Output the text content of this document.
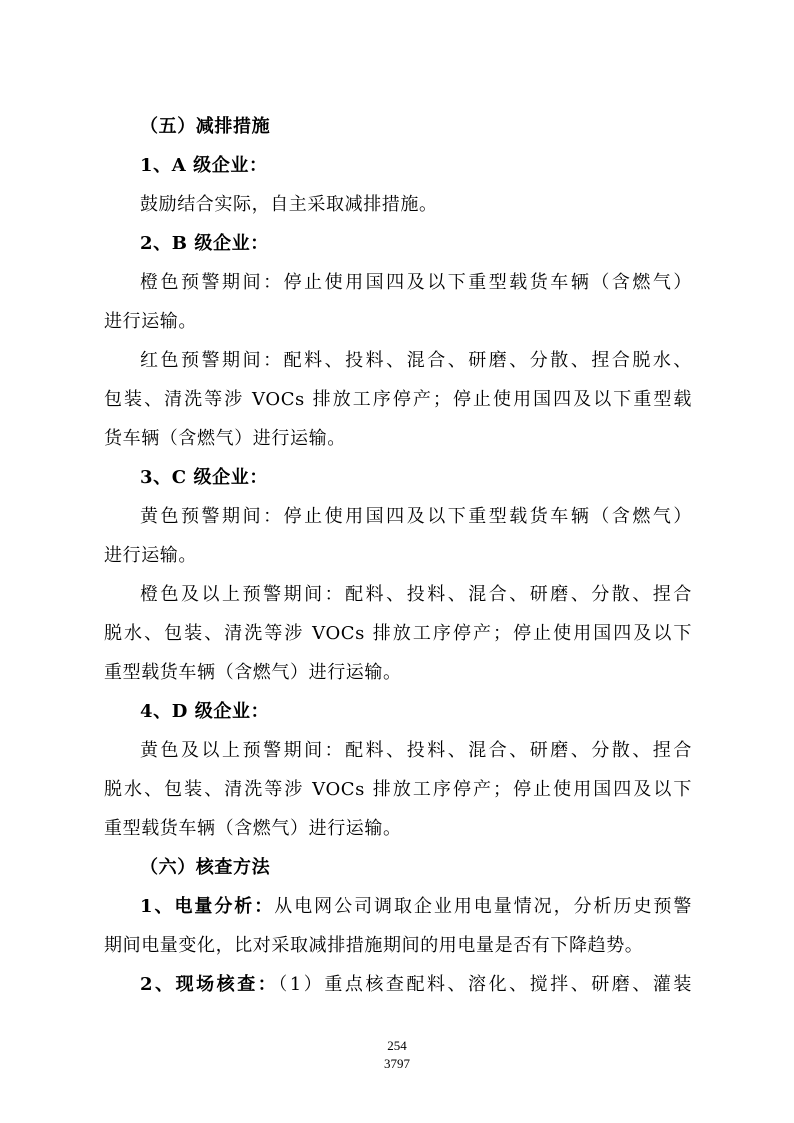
（五）减排措施
1、A 级企业：
鼓励结合实际，自主采取减排措施。
2、B 级企业：
橙色预警期间：停止使用国四及以下重型载货车辆（含燃气）
进行运输。
红色预警期间：配料、投料、混合、研磨、分散、捏合脱水、
包装、清洗等涉 VOCs 排放工序停产；停止使用国四及以下重型载
货车辆（含燃气）进行运输。
3、C 级企业：
黄色预警期间：停止使用国四及以下重型载货车辆（含燃气）
进行运输。
橙色及以上预警期间：配料、投料、混合、研磨、分散、捏合
脱水、包装、清洗等涉 VOCs 排放工序停产；停止使用国四及以下
重型载货车辆（含燃气）进行运输。
4、D 级企业：
黄色及以上预警期间：配料、投料、混合、研磨、分散、捏合
脱水、包装、清洗等涉 VOCs 排放工序停产；停止使用国四及以下
重型载货车辆（含燃气）进行运输。
（六）核查方法
1、电量分析：从电网公司调取企业用电量情况，分析历史预警
期间电量变化，比对采取减排措施期间的用电量是否有下降趋势。
2、现场核查：（1）重点核查配料、溶化、搅拌、研磨、灌装
254
3797
